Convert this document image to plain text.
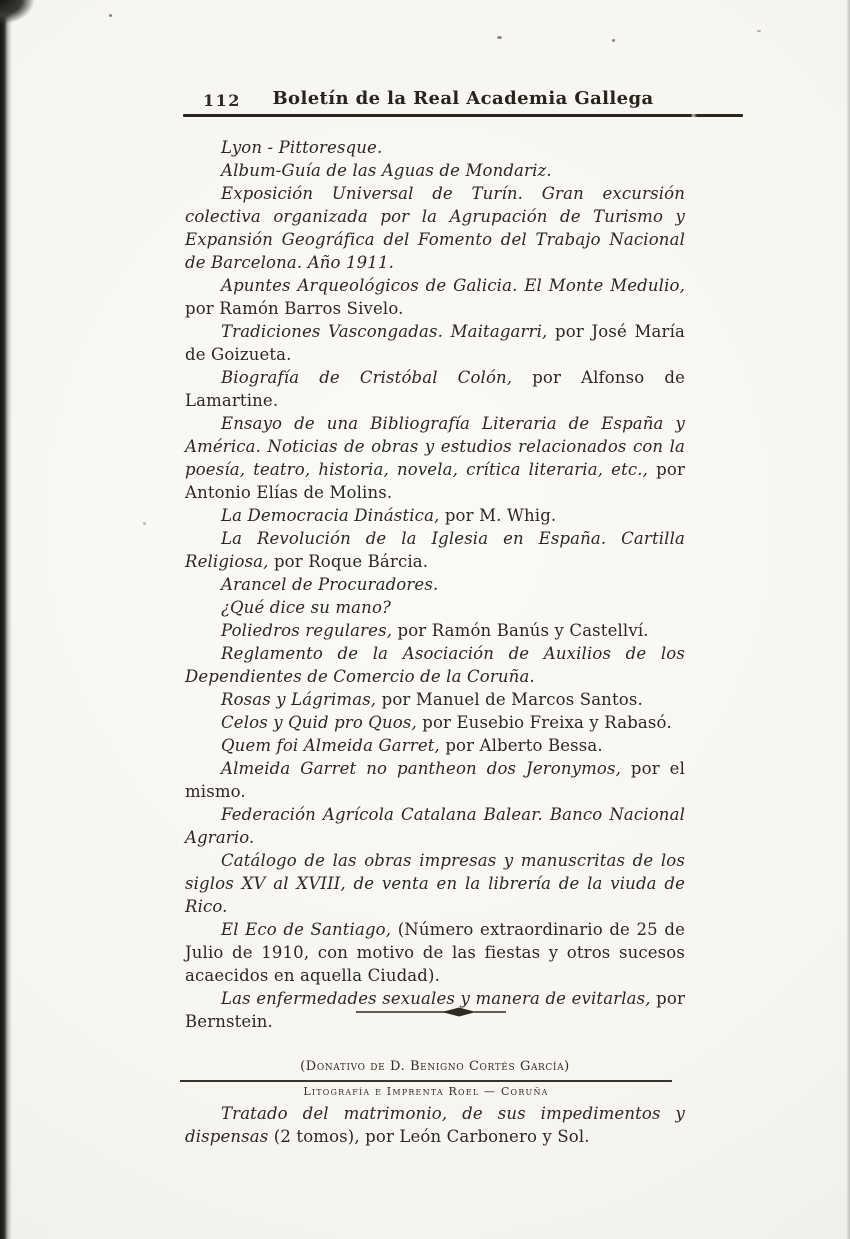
112	Boletín de la Real Academia Gallega

Lyon - Pittoresque.

Album-Guía de las Aguas de Mondariz.

Exposición Universal de Turín. Gran excursión colectiva organizada por la Agrupación de Turismo y Expansión Geográfica del Fomento del Trabajo Nacional de Barcelona. Año 1911.

Apuntes Arqueológicos de Galicia. El Monte Medulio, por Ramón Barros Sivelo.

Tradiciones Vascongadas. Maitagarri, por José María de Goizueta.

Biografía de Cristóbal Colón, por Alfonso de Lamartine.

Ensayo de una Bibliografía Literaria de España y América. Noticias de obras y estudios relacionados con la poesía, teatro, historia, novela, crítica literaria, etc., por Antonio Elías de Molins.

La Democracia Dinástica, por M. Whig.

La Revolución de la Iglesia en España. Cartilla Religiosa, por Roque Bárcia.

Arancel de Procuradores.

¿Qué dice su mano?

Poliedros regulares, por Ramón Banús y Castellví.

Reglamento de la Asociación de Auxilios de los Dependientes de Comercio de la Coruña.

Rosas y Lágrimas, por Manuel de Marcos Santos.

Celos y Quid pro Quos, por Eusebio Freixa y Rabasó.

Quem foi Almeida Garret, por Alberto Bessa.

Almeida Garret no pantheon dos Jeronymos, por el mismo.

Federación Agrícola Catalana Balear. Banco Nacional Agrario.

Catálogo de las obras impresas y manuscritas de los siglos XV al XVIII, de venta en la librería de la viuda de Rico.

El Eco de Santiago, (Número extraordinario de 25 de Julio de 1910, con motivo de las fiestas y otros sucesos acaecidos en aquella Ciudad).

Las enfermedades sexuales y manera de evitarlas, por Bernstein.

(Donativo de D. Benigno Cortés García)

Tratado del matrimonio, de sus impedimentos y dispensas (2 tomos), por León Carbonero y Sol.

Litografía e Imprenta Roel — Coruña
